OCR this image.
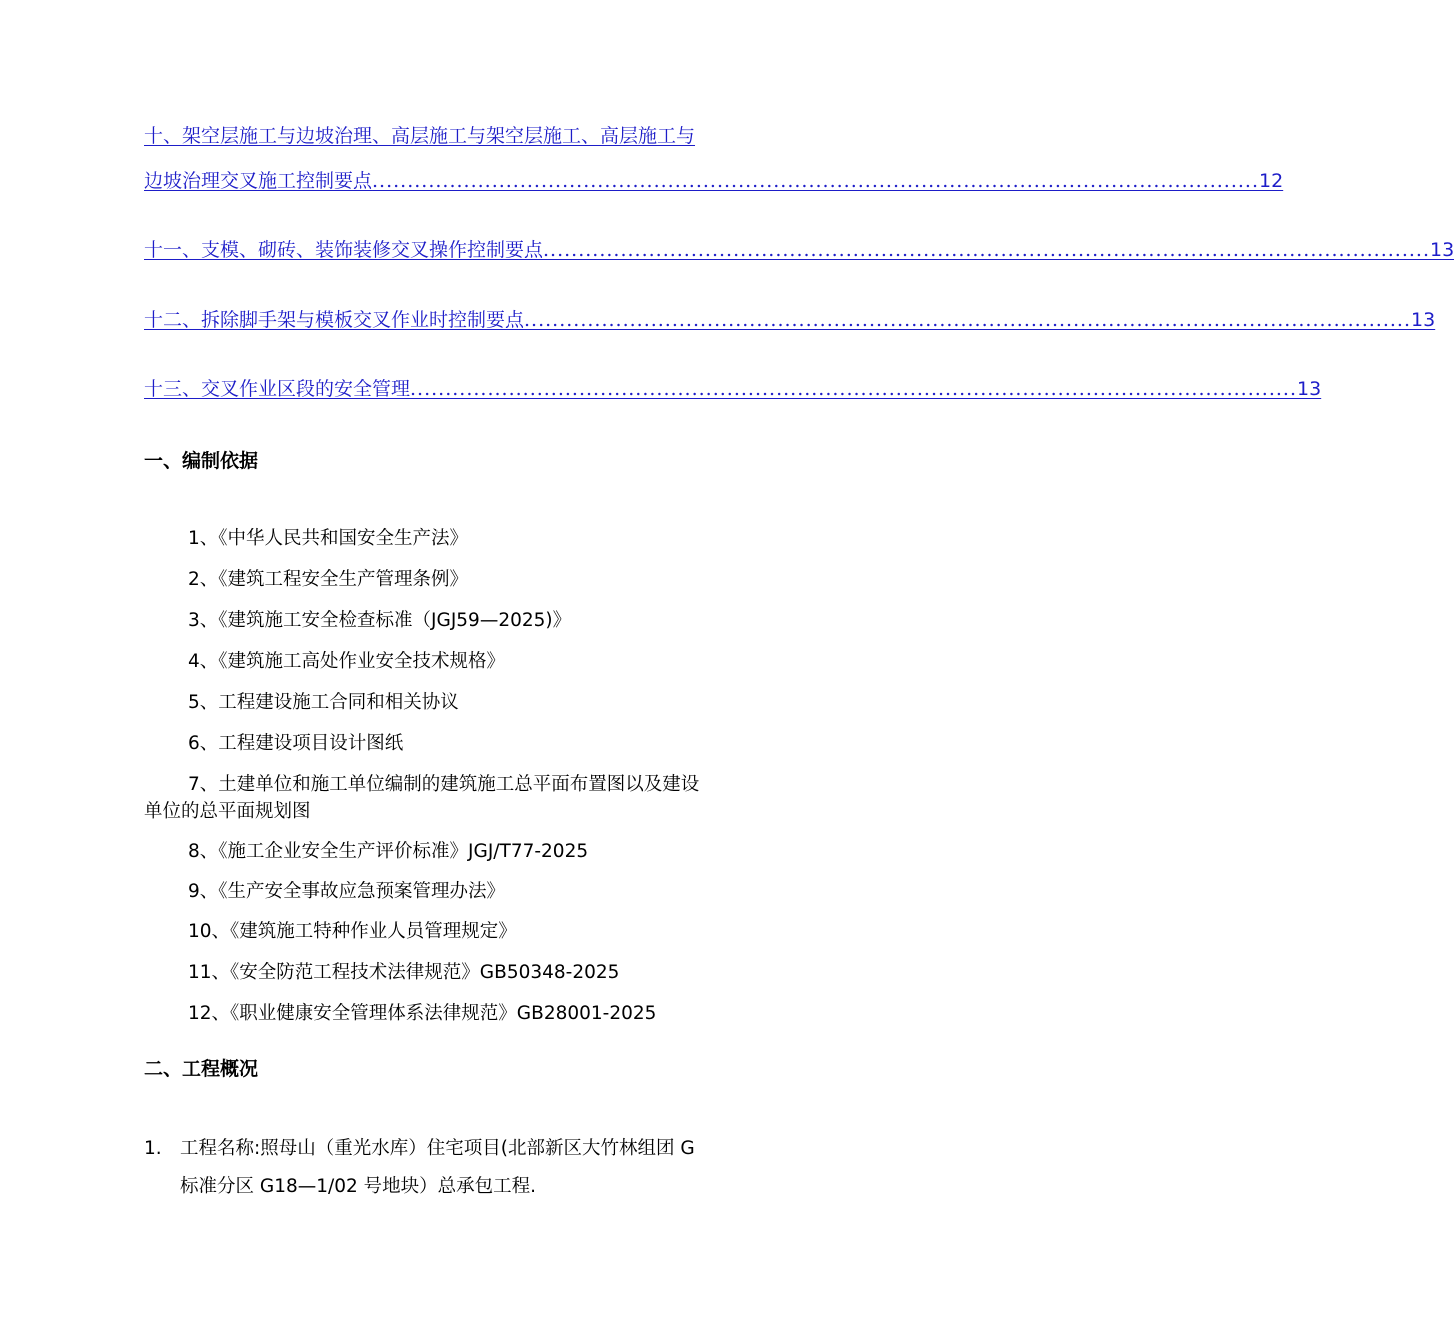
十、架空层施工与边坡治理、高层施工与架空层施工、高层施工与
边坡治理交叉施工控制要点 .............................................................................................................................. 12
十一、支模、砌砖、装饰装修交叉操作控制要点 .............................................................................................................................. 13
十二、拆除脚手架与模板交叉作业时控制要点 .............................................................................................................................. 13
十三、交叉作业区段的安全管理 .............................................................................................................................. 13
一、编制依据
1、《中华人民共和国安全生产法》
2、《建筑工程安全生产管理条例》
3、《建筑施工安全检查标准（JGJ59—2025)》
4、《建筑施工高处作业安全技术规格》
5、工程建设施工合同和相关协议
6、工程建设项目设计图纸
7、土建单位和施工单位编制的建筑施工总平面布置图以及建设
单位的总平面规划图
8、《施工企业安全生产评价标准》JGJ/T77-2025
9、《生产安全事故应急预案管理办法》
10、《建筑施工特种作业人员管理规定》
11、《安全防范工程技术法律规范》GB50348-2025
12、《职业健康安全管理体系法律规范》GB28001-2025
二、工程概况
1. 工程名称:照母山（重光水库）住宅项目(北部新区大竹林组团 G
标准分区 G18—1/02 号地块）总承包工程.
